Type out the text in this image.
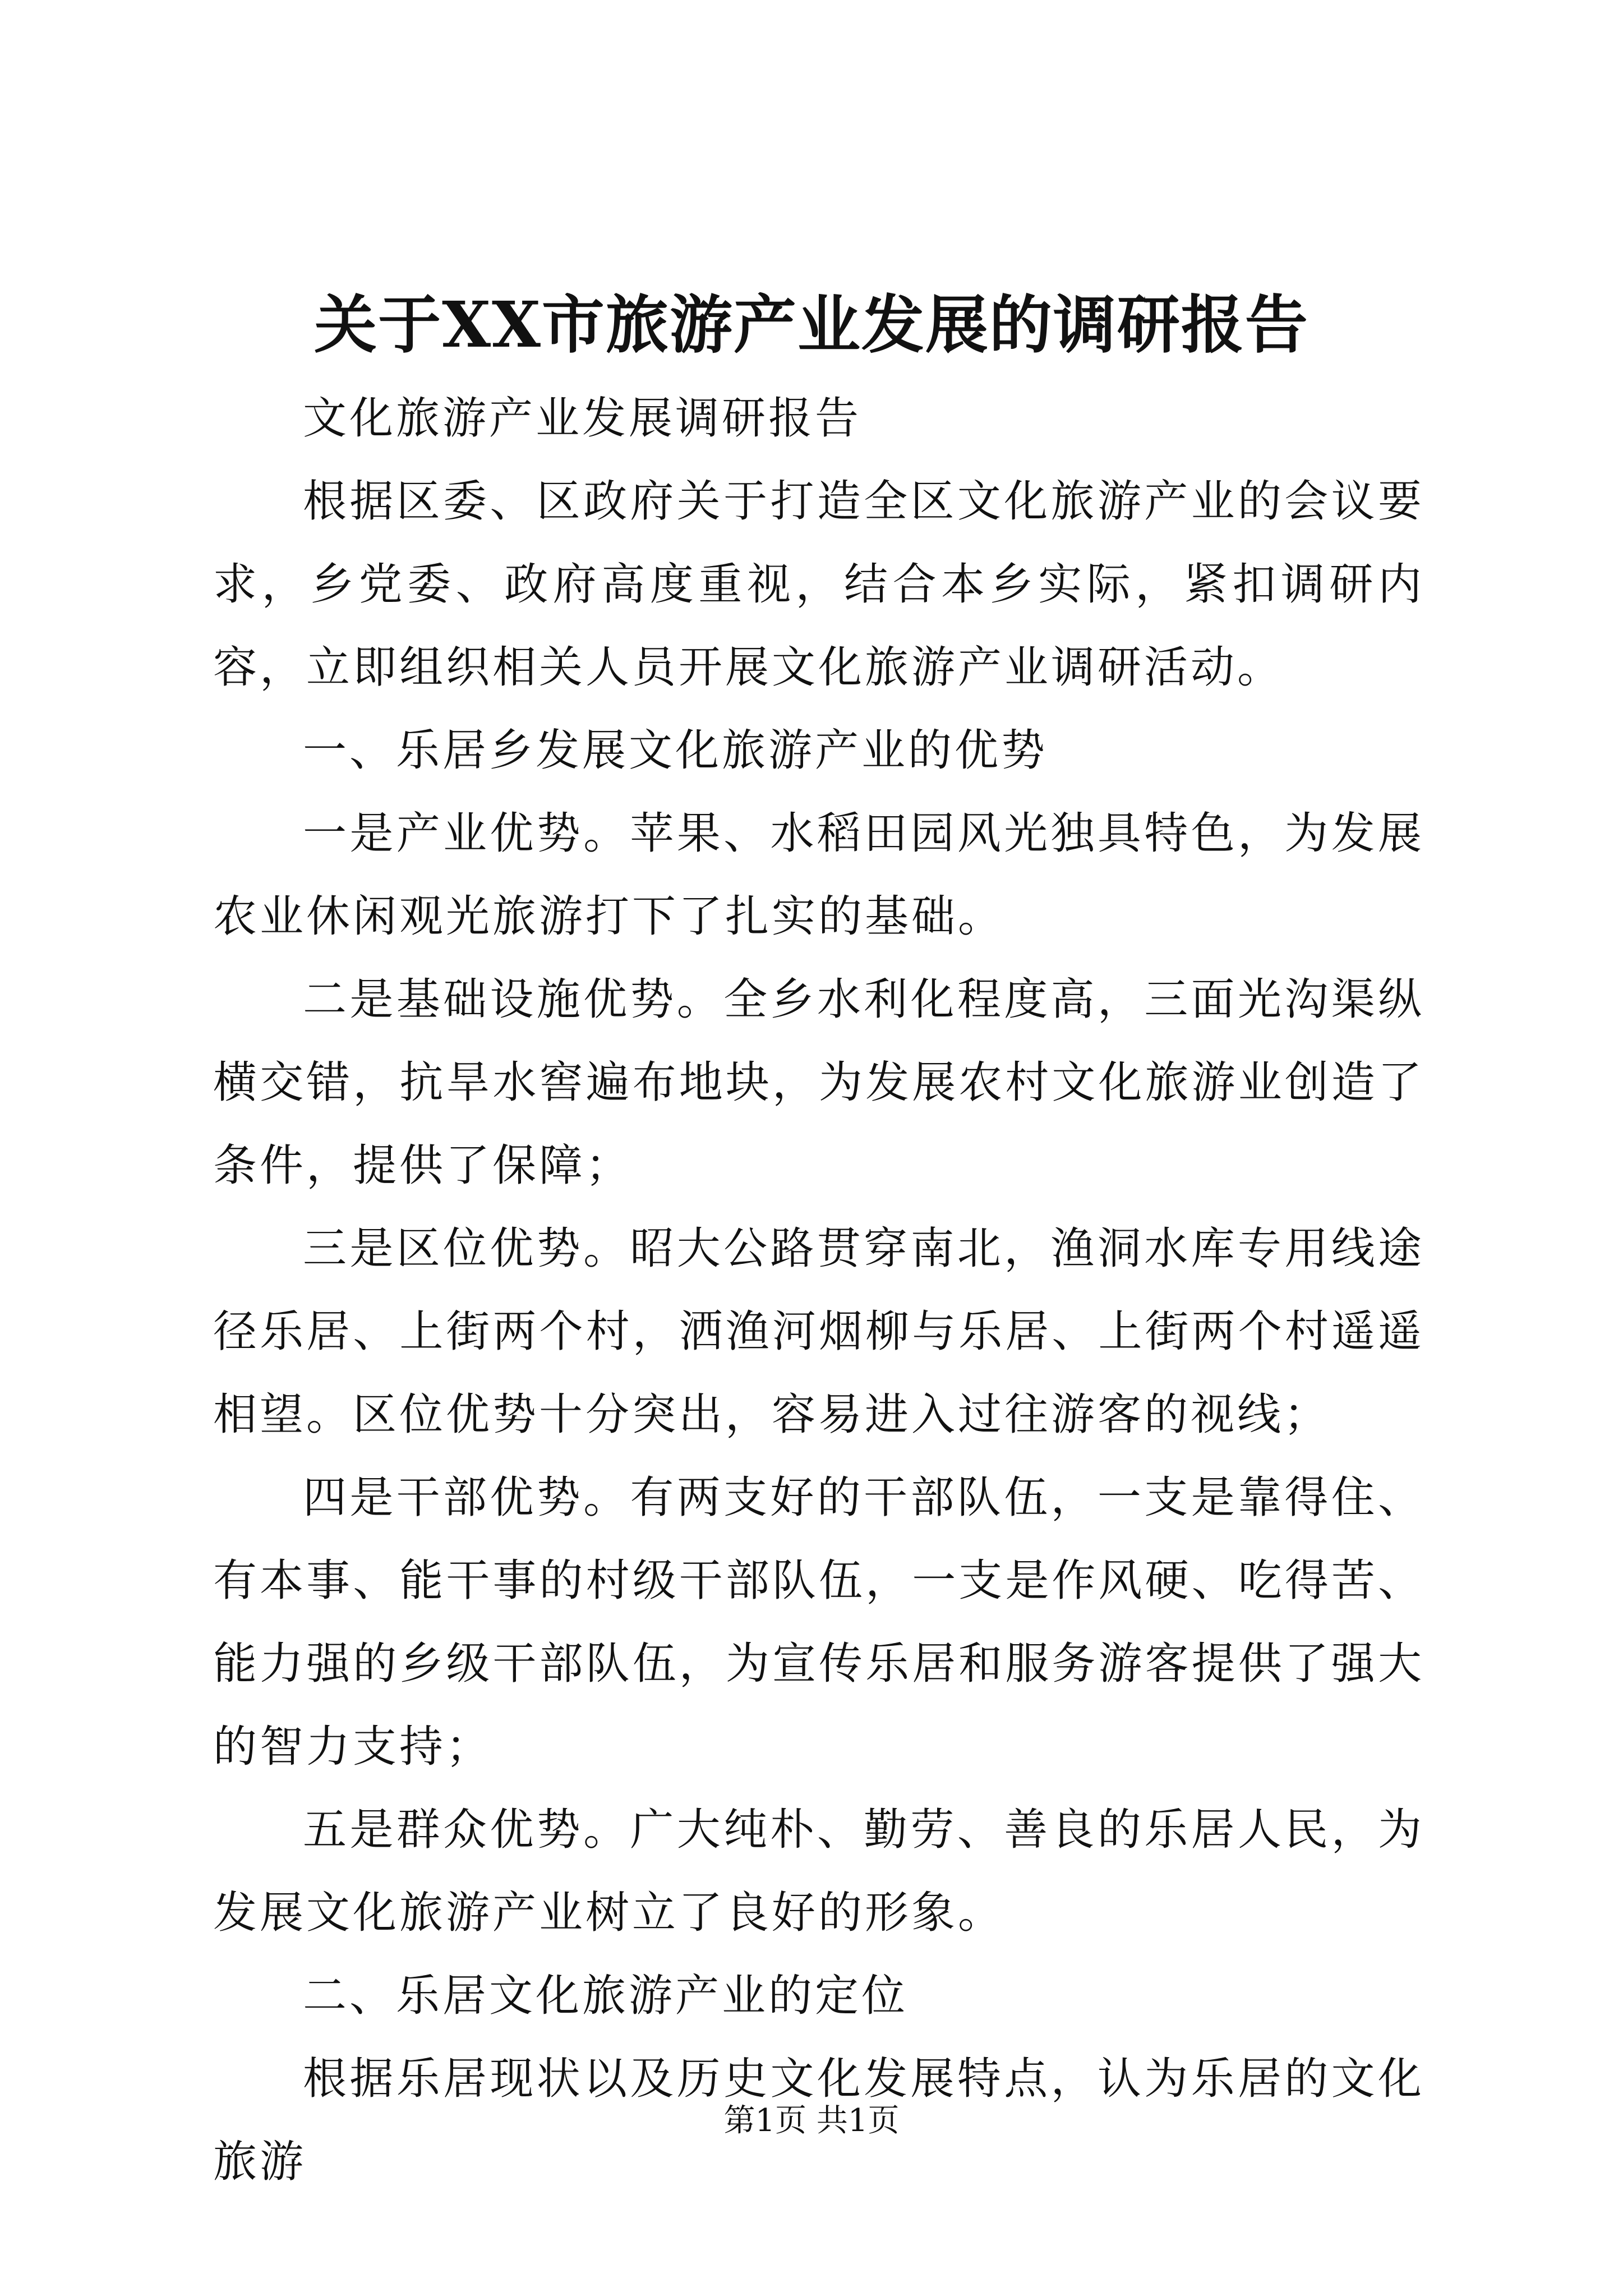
关于XX市旅游产业发展的调研报告

文化旅游产业发展调研报告

根据区委、区政府关于打造全区文化旅游产业的会议要求，乡党委、政府高度重视，结合本乡实际，紧扣调研内容，立即组织相关人员开展文化旅游产业调研活动。

一、乐居乡发展文化旅游产业的优势

一是产业优势。苹果、水稻田园风光独具特色，为发展农业休闲观光旅游打下了扎实的基础。

二是基础设施优势。全乡水利化程度高，三面光沟渠纵横交错，抗旱水窖遍布地块，为发展农村文化旅游业创造了条件，提供了保障；

三是区位优势。昭大公路贯穿南北，渔洞水库专用线途径乐居、上街两个村，洒渔河烟柳与乐居、上街两个村遥遥相望。区位优势十分突出，容易进入过往游客的视线；

四是干部优势。有两支好的干部队伍，一支是靠得住、有本事、能干事的村级干部队伍，一支是作风硬、吃得苦、能力强的乡级干部队伍，为宣传乐居和服务游客提供了强大的智力支持；

五是群众优势。广大纯朴、勤劳、善良的乐居人民，为发展文化旅游产业树立了良好的形象。

二、乐居文化旅游产业的定位

根据乐居现状以及历史文化发展特点，认为乐居的文化旅游

第1页 共1页
